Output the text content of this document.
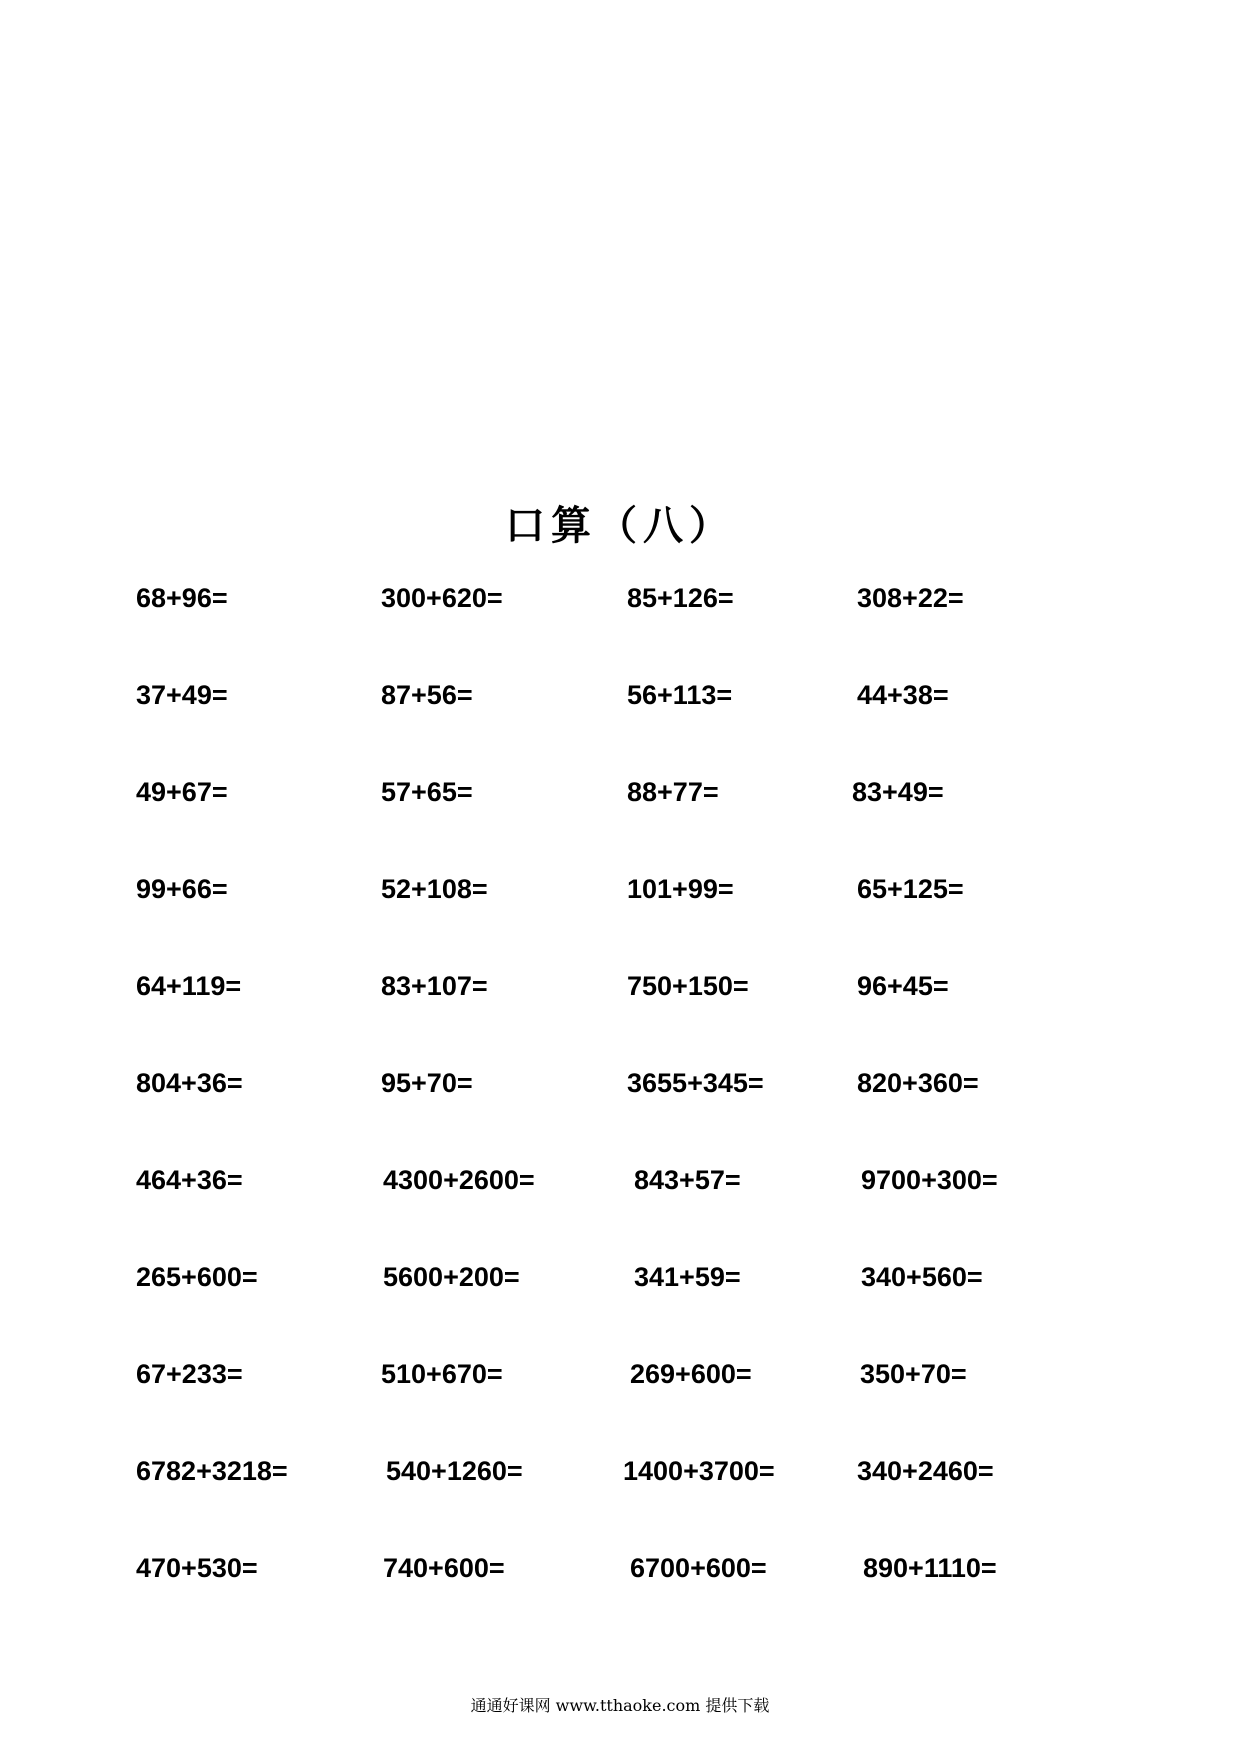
口算（八）
68+96=	300+620=	85+126=	308+22=
37+49=	87+56=	56+113=	44+38=
49+67=	57+65=	88+77=	83+49=
99+66=	52+108=	101+99=	65+125=
64+119=	83+107=	750+150=	96+45=
804+36=	95+70=	3655+345=	820+360=
464+36=	4300+2600=	843+57=	9700+300=
265+600=	5600+200=	341+59=	340+560=
67+233=	510+670=	269+600=	350+70=
6782+3218=	540+1260=	1400+3700=	340+2460=
470+530=	740+600=	6700+600=	890+1110=
通通好课网 www.tthaoke.com 提供下载
